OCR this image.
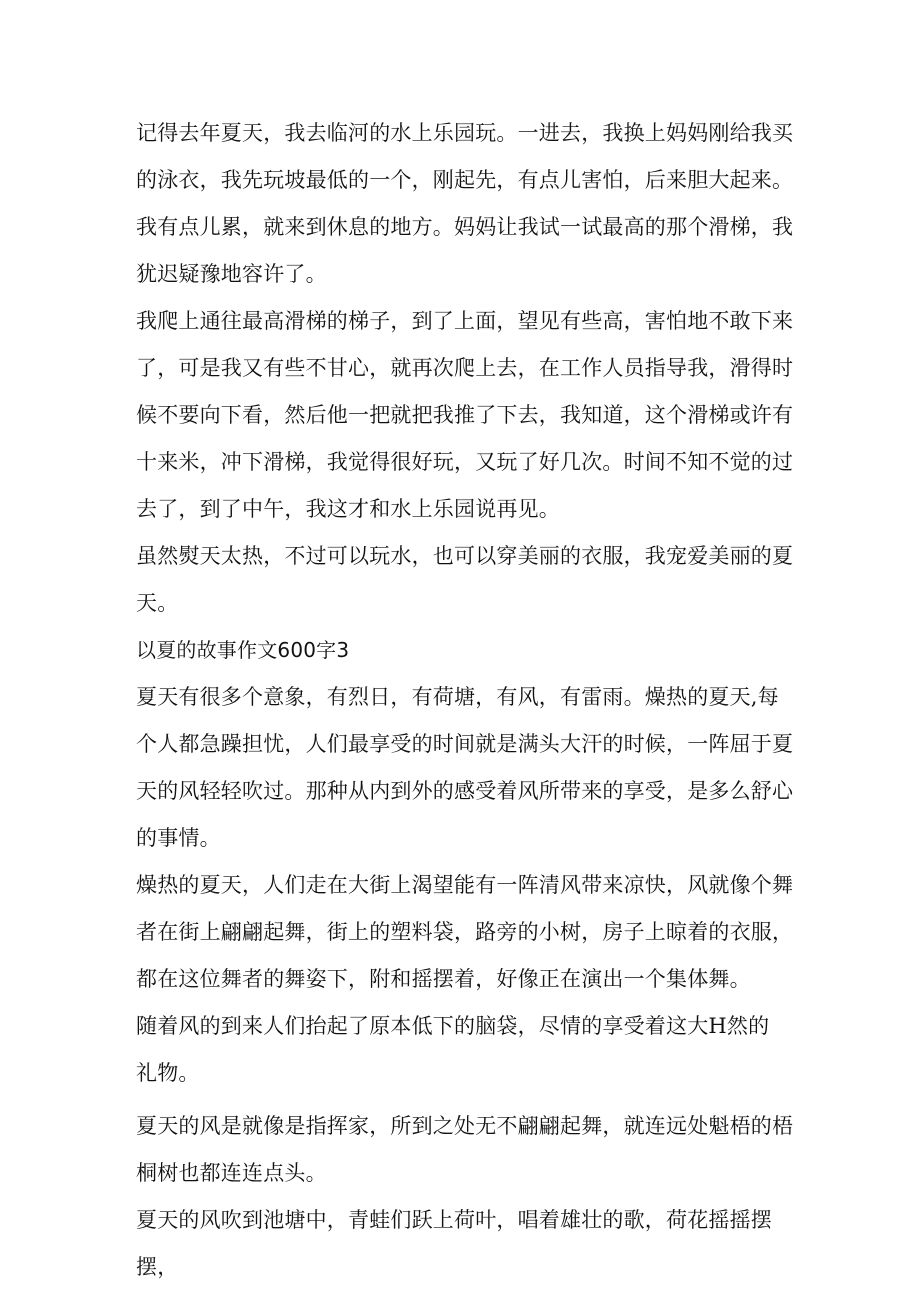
记得去年夏天，我去临河的水上乐园玩。一进去，我换上妈妈刚给我买的泳衣，我先玩坡最低的一个，刚起先，有点儿害怕，后来胆大起来。我有点儿累，就来到休息的地方。妈妈让我试一试最高的那个滑梯，我犹迟疑豫地容许了。

我爬上通往最高滑梯的梯子，到了上面，望见有些高，害怕地不敢下来了，可是我又有些不甘心，就再次爬上去，在工作人员指导我，滑得时候不要向下看，然后他一把就把我推了下去，我知道，这个滑梯或许有十来米，冲下滑梯，我觉得很好玩，又玩了好几次。时间不知不觉的过去了，到了中午，我这才和水上乐园说再见。

虽然熨天太热，不过可以玩水，也可以穿美丽的衣服，我宠爱美丽的夏天。

以夏的故事作文600字3

夏天有很多个意象，有烈日，有荷塘，有风，有雷雨。燥热的夏天,每个人都急躁担忧，人们最享受的时间就是满头大汗的时候，一阵屈于夏天的风轻轻吹过。那种从内到外的感受着风所带来的享受，是多么舒心的事情。

燥热的夏天，人们走在大街上渴望能有一阵清风带来凉快，风就像个舞者在街上翩翩起舞，街上的塑料袋，路旁的小树，房子上晾着的衣服，都在这位舞者的舞姿下，附和摇摆着，好像正在演出一个集体舞。

随着风的到来人们抬起了原本低下的脑袋，尽情的享受着这大H然的

礼物。

夏天的风是就像是指挥家，所到之处无不翩翩起舞，就连远处魁梧的梧桐树也都连连点头。

夏天的风吹到池塘中，青蛙们跃上荷叶，唱着雄壮的歌，荷花摇摇摆摆，
